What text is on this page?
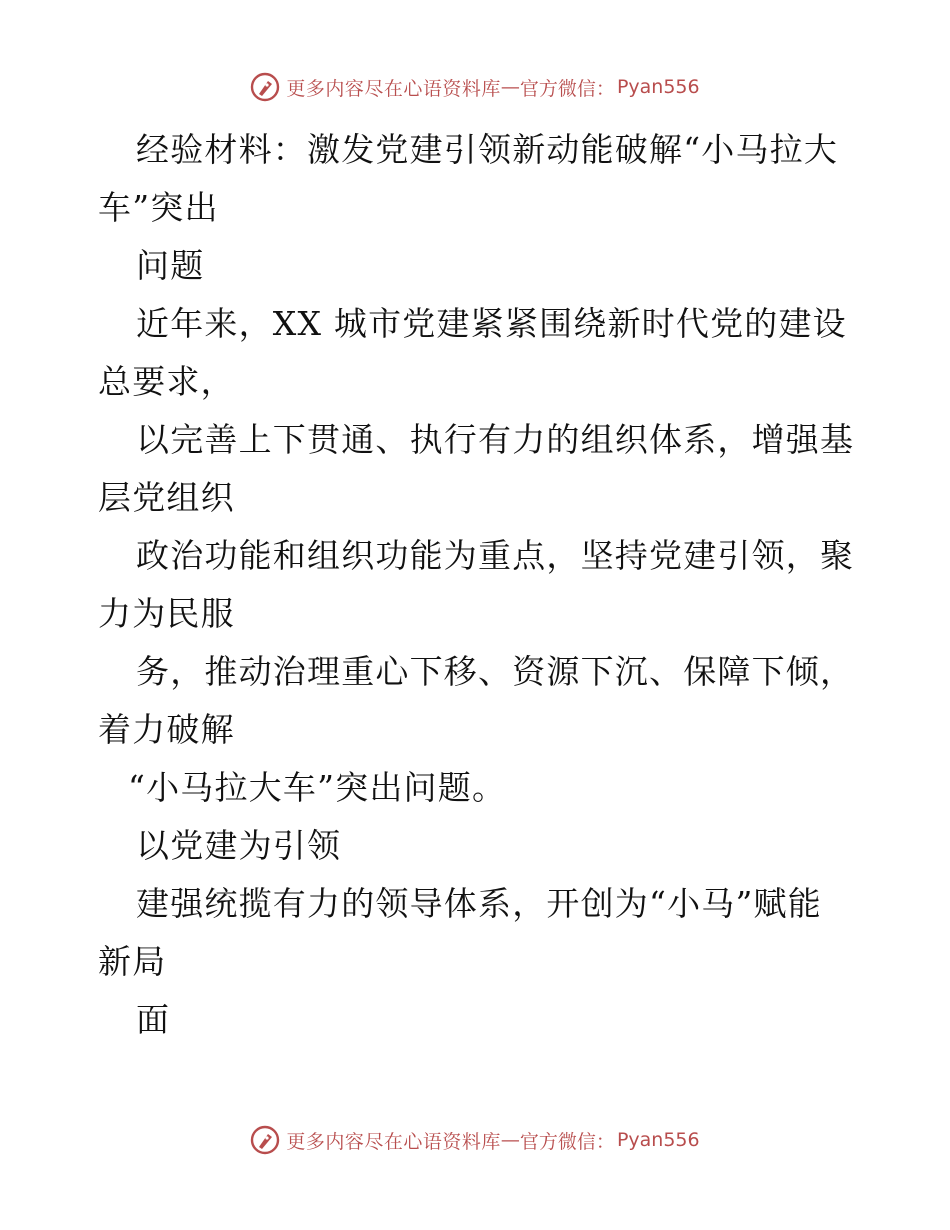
更多内容尽在心语资料库 — 官方微信： Pyan556
经验材料：激发党建引领新动能破解“小马拉大
车”突出
问题
近年来，XX 城市党建紧紧围绕新时代党的建设
总要求，
以完善上下贯通、执行有力的组织体系，增强基
层党组织
政治功能和组织功能为重点，坚持党建引领，聚
力为民服
务，推动治理重心下移、资源下沉、保障下倾，
着力破解
“小马拉大车”突出问题。
以党建为引领
建强统揽有力的领导体系，开创为“小马”赋能
新局
面
更多内容尽在心语资料库 — 官方微信： Pyan556
